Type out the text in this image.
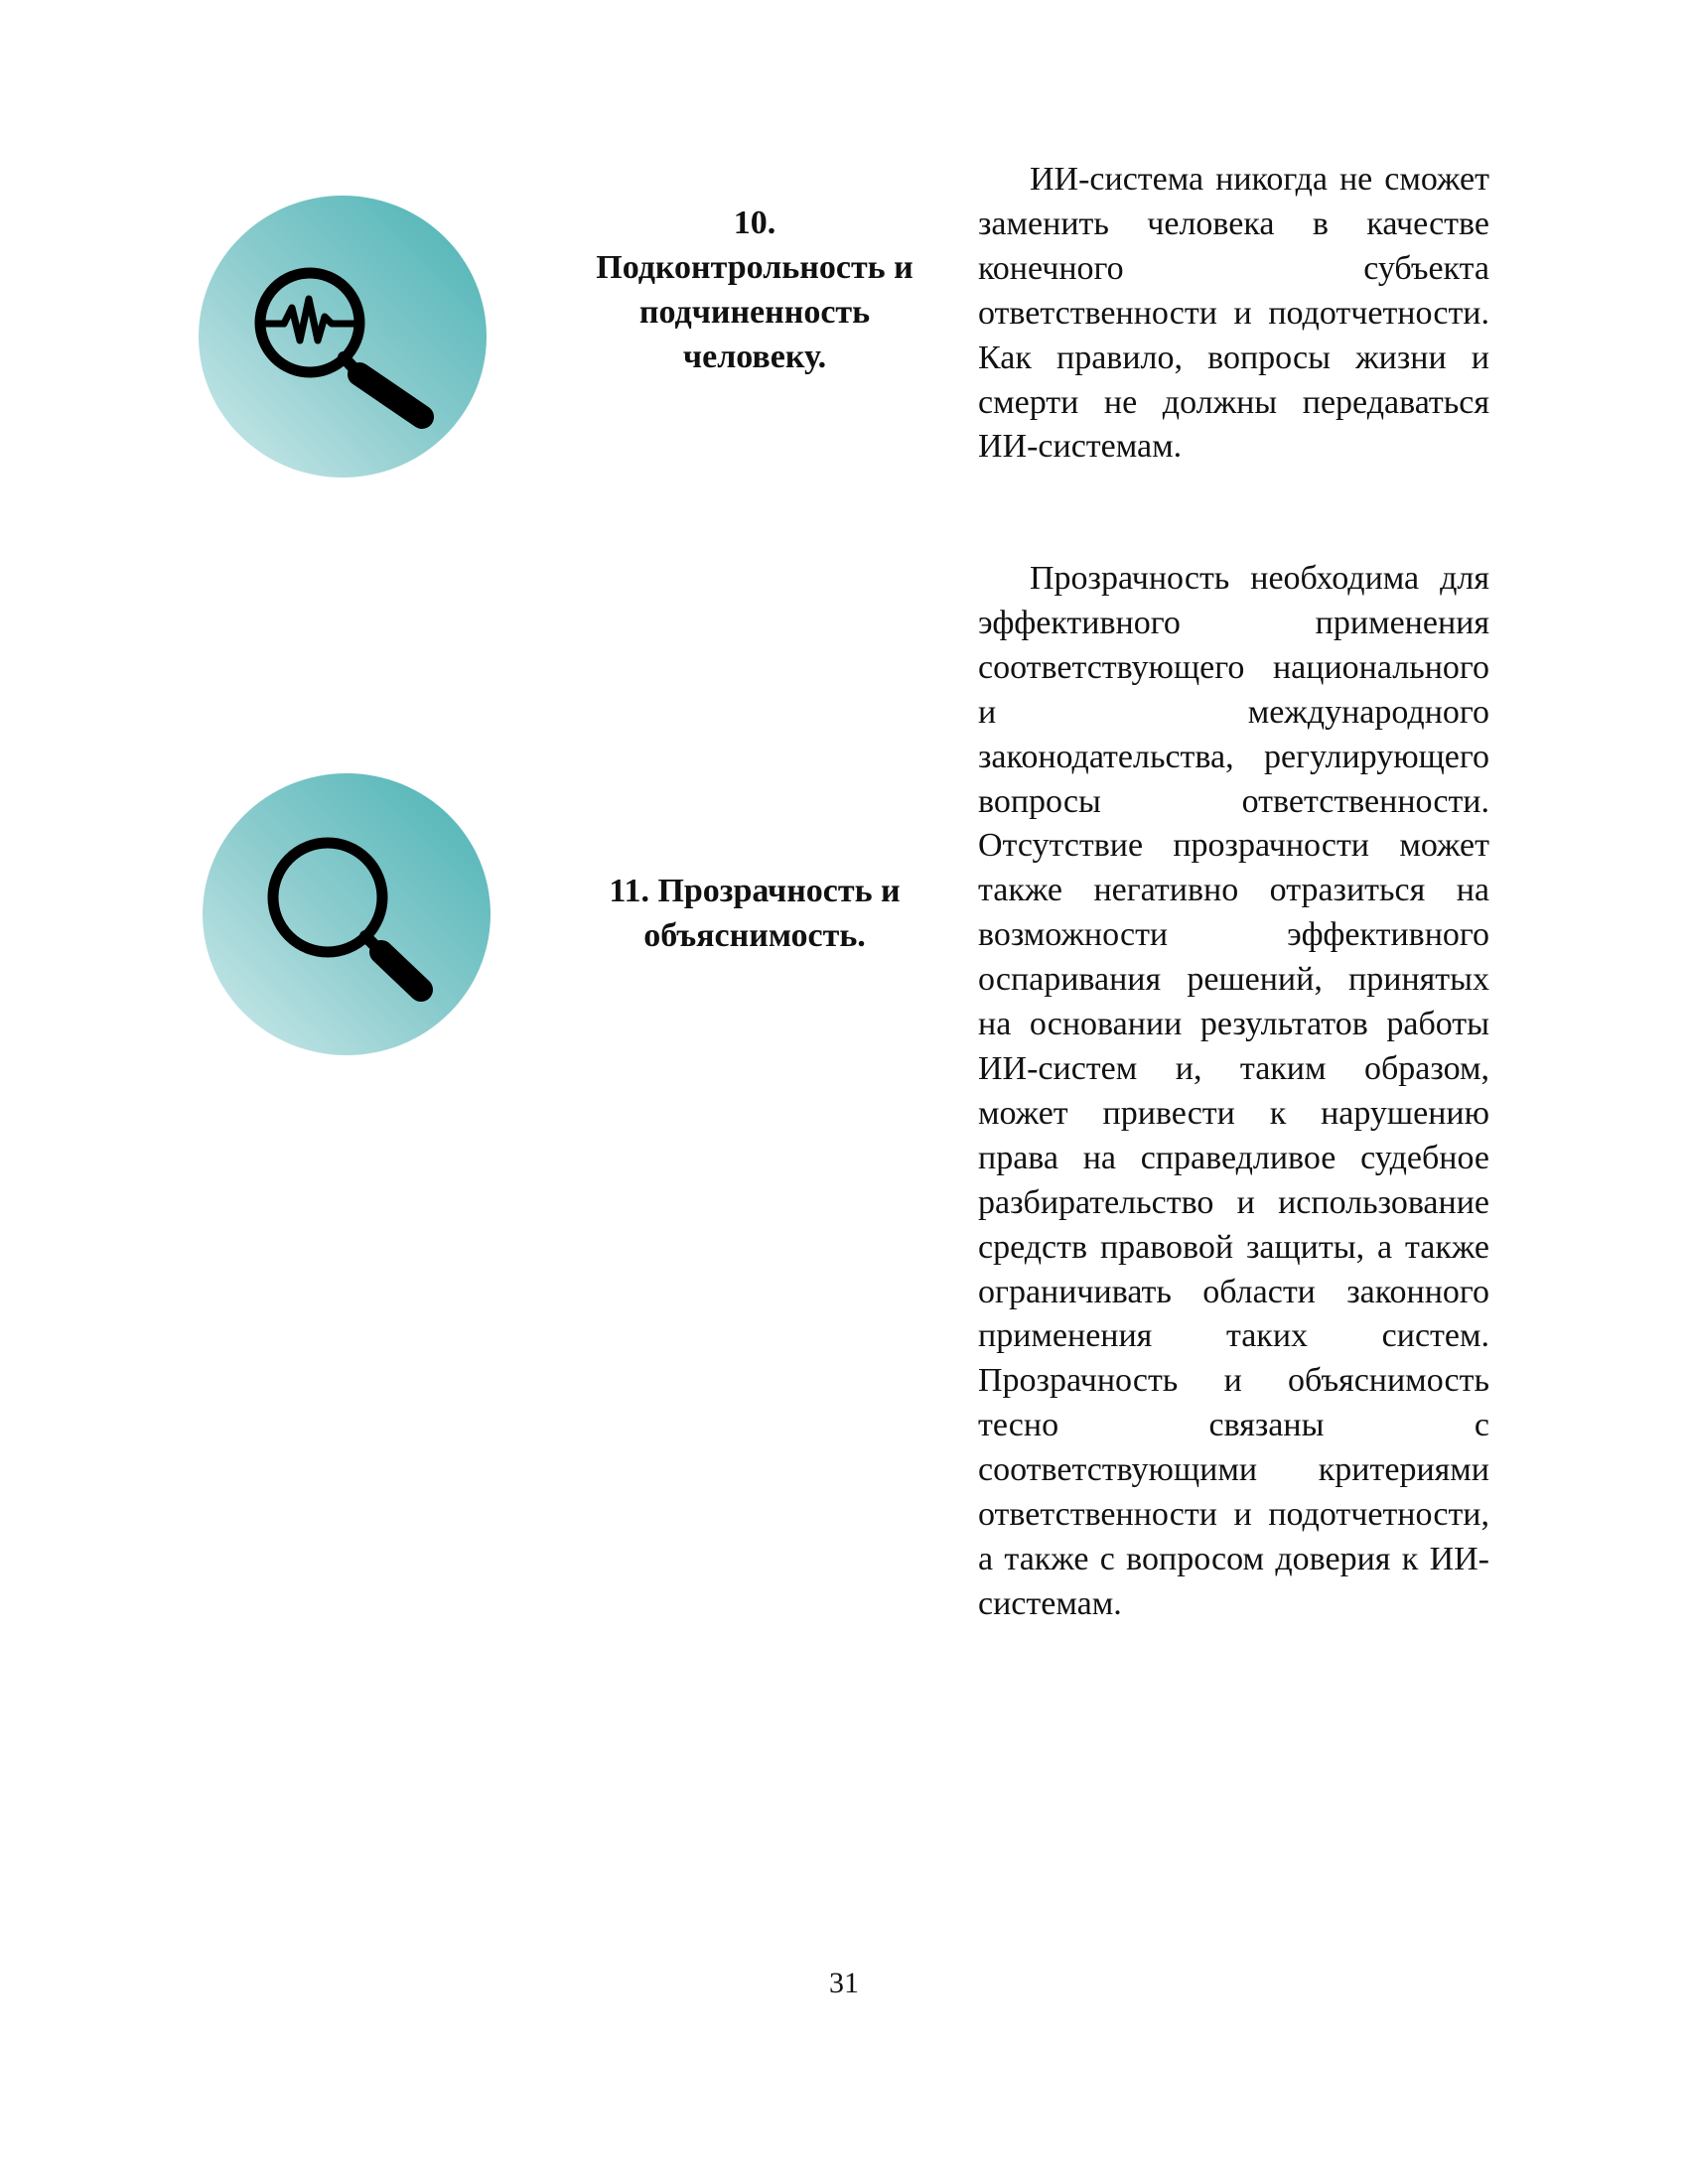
10. Подконтрольность и подчиненность человеку.

ИИ-система никогда не сможет заменить человека в качестве конечного субъекта ответственности и подотчетности. Как правило, вопросы жизни и смерти не должны передаваться ИИ-системам.

11. Прозрачность и объяснимость.

Прозрачность необходима для эффективного применения соответствующего национального и международного законодательства, регулирующего вопросы ответственности. Отсутствие прозрачности может также негативно отразиться на возможности эффективного оспаривания решений, принятых на основании результатов работы ИИ-систем и, таким образом, может привести к нарушению права на справедливое судебное разбирательство и использование средств правовой защиты, а также ограничивать области законного применения таких систем. Прозрачность и объяснимость тесно связаны с соответствующими критериями ответственности и подотчетности, а также с вопросом доверия к ИИ-системам.

31
